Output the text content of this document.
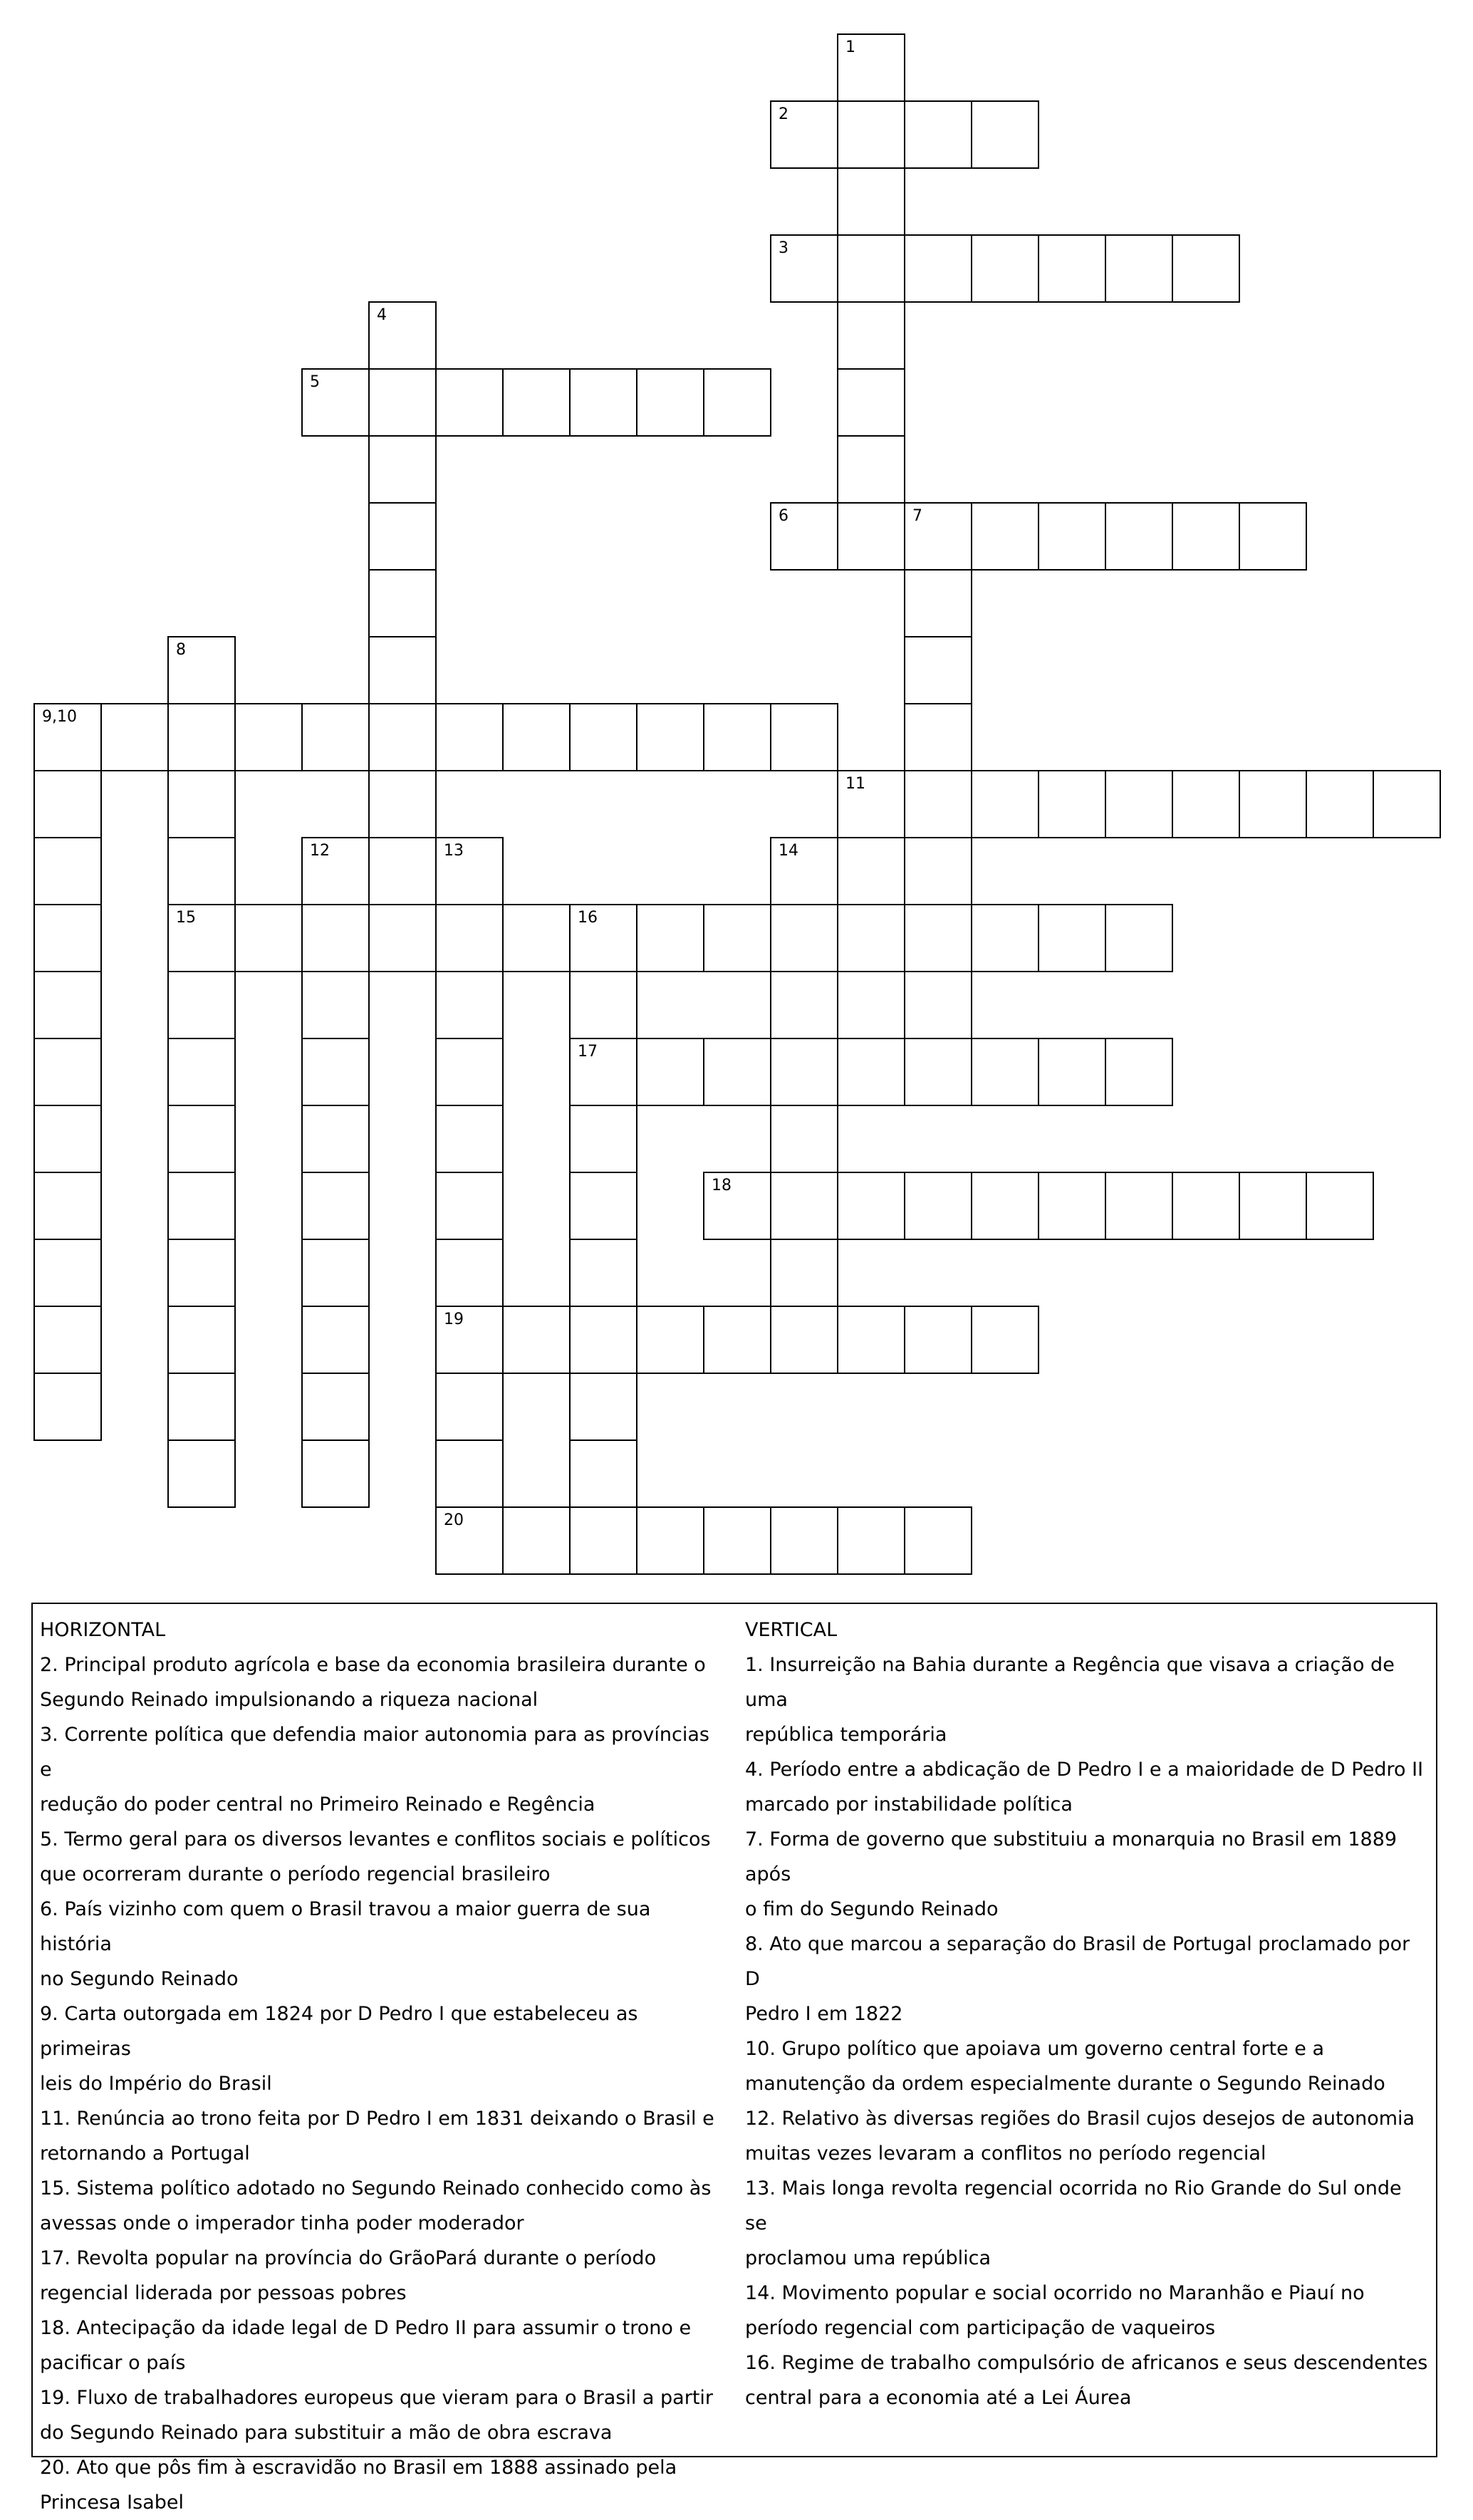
2
3
5
6	7
9,10
11
15	16
17
18
19
20
1
4
8
12	13	14

HORIZONTAL

2. Principal produto agrícola e base da economia brasileira durante o

Segundo Reinado impulsionando a riqueza nacional

3. Corrente política que defendia maior autonomia para as províncias e

redução do poder central no Primeiro Reinado e Regência

5. Termo geral para os diversos levantes e conflitos sociais e políticos

que ocorreram durante o período regencial brasileiro

6. País vizinho com quem o Brasil travou a maior guerra de sua história

no Segundo Reinado

9. Carta outorgada em 1824 por D Pedro I que estabeleceu as primeiras

leis do Império do Brasil

11. Renúncia ao trono feita por D Pedro I em 1831 deixando o Brasil e

retornando a Portugal

15. Sistema político adotado no Segundo Reinado conhecido como às

avessas onde o imperador tinha poder moderador

17. Revolta popular na província do GrãoPará durante o período

regencial liderada por pessoas pobres

18. Antecipação da idade legal de D Pedro II para assumir o trono e

pacificar o país

19. Fluxo de trabalhadores europeus que vieram para o Brasil a partir

do Segundo Reinado para substituir a mão de obra escrava

20. Ato que pôs fim à escravidão no Brasil em 1888 assinado pela

Princesa Isabel

VERTICAL

1. Insurreição na Bahia durante a Regência que visava a criação de uma

república temporária

4. Período entre a abdicação de D Pedro I e a maioridade de D Pedro II

marcado por instabilidade política

7. Forma de governo que substituiu a monarquia no Brasil em 1889 após

o fim do Segundo Reinado

8. Ato que marcou a separação do Brasil de Portugal proclamado por D

Pedro I em 1822

10. Grupo político que apoiava um governo central forte e a

manutenção da ordem especialmente durante o Segundo Reinado

12. Relativo às diversas regiões do Brasil cujos desejos de autonomia

muitas vezes levaram a conflitos no período regencial

13. Mais longa revolta regencial ocorrida no Rio Grande do Sul onde se

proclamou uma república

14. Movimento popular e social ocorrido no Maranhão e Piauí no

período regencial com participação de vaqueiros

16. Regime de trabalho compulsório de africanos e seus descendentes

central para a economia até a Lei Áurea
